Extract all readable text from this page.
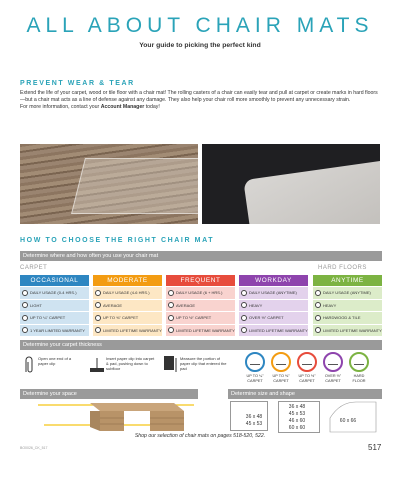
ALL ABOUT CHAIR MATS
Your guide to picking the perfect kind
PREVENT WEAR & TEAR
Extend the life of your carpet, wood or tile floor with a chair mat! The rolling casters of a chair can easily tear and pull at carpet or create marks in hard floors—but a chair mat acts as a line of defense against any damage. They also help your chair roll more smoothly to prevent any unnecessary strain.
For more information, contact your Account Manager today!
HOW TO CHOOSE THE RIGHT CHAIR MAT
Determine where and how often you use your chair mat
CARPET	HARD FLOORS
OCCASIONAL
DAILY USAGE (0-4 HRS.)
LIGHT
UP TO ¼" CARPET
1 YEAR LIMITED WARRANTY
MODERATE
DAILY USAGE (4-6 HRS.)
AVERAGE
UP TO ⅜" CARPET
LIMITED LIFETIME WARRANTY
FREQUENT
DAILY USAGE (6 + HRS.)
AVERAGE
UP TO ½" CARPET
LIMITED LIFETIME WARRANTY
WORKDAY
DAILY USAGE (ANYTIME)
HEAVY
OVER ½" CARPET
LIMITED LIFETIME WARRANTY
ANYTIME
DAILY USAGE (ANYTIME)
HEAVY
HARDWOOD & TILE
LIMITED LIFETIME WARRANTY
Determine your carpet thickness
Open one end of a paper clip
Insert paper clip into carpet & pad, pushing down to subfloor
Measure the portion of paper clip that entered the pad
UP TO ¼" CARPET
UP TO ⅜" CARPET
UP TO ½" CARPET
OVER ½" CARPET
HARD FLOOR
Determine your space	Determine size and shape
36 x 48
45 x 53
36 x 48
45 x 53
46 x 60
60 x 60
60 x 66
Shop our selection of chair mats on pages 518-520, 522.
517
BO0026_CK_517
